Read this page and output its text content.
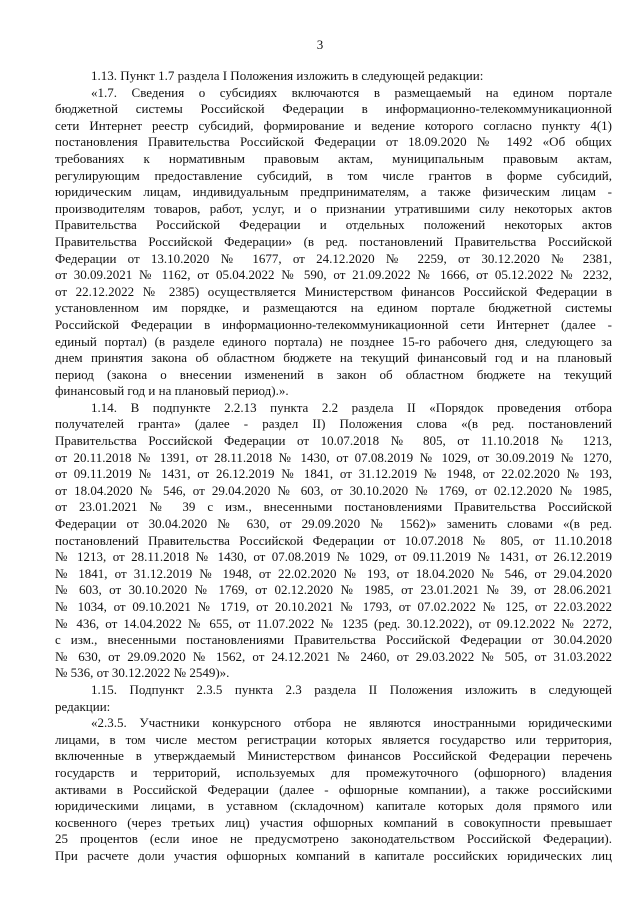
3
1.13. Пункт 1.7 раздела I Положения изложить в следующей редакции:
«1.7. Сведения о субсидиях включаются в размещаемый на едином портале
бюджетной системы Российской Федерации в информационно-телекоммуникационной
сети Интернет реестр субсидий, формирование и ведение которого согласно пункту 4(1)
постановления Правительства Российской Федерации от 18.09.2020 № 1492 «Об общих
требованиях к нормативным правовым актам, муниципальным правовым актам,
регулирующим предоставление субсидий, в том числе грантов в форме субсидий,
юридическим лицам, индивидуальным предпринимателям, а также физическим лицам -
производителям товаров, работ, услуг, и о признании утратившими силу некоторых актов
Правительства Российской Федерации и отдельных положений некоторых актов
Правительства Российской Федерации» (в ред. постановлений Правительства Российской
Федерации от 13.10.2020 № 1677, от 24.12.2020 № 2259, от 30.12.2020 № 2381,
от 30.09.2021 № 1162, от 05.04.2022 № 590, от 21.09.2022 № 1666, от 05.12.2022 № 2232,
от 22.12.2022 № 2385) осуществляется Министерством финансов Российской Федерации в
установленном им порядке, и размещаются на едином портале бюджетной системы
Российской Федерации в информационно-телекоммуникационной сети Интернет (далее -
единый портал) (в разделе единого портала) не позднее 15-го рабочего дня, следующего за
днем принятия закона об областном бюджете на текущий финансовый год и на плановый
период (закона о внесении изменений в закон об областном бюджете на текущий
финансовый год и на плановый период).».
1.14. В подпункте 2.2.13 пункта 2.2 раздела II «Порядок проведения отбора
получателей гранта» (далее - раздел II) Положения слова «(в ред. постановлений
Правительства Российской Федерации от 10.07.2018 № 805, от 11.10.2018 № 1213,
от 20.11.2018 № 1391, от 28.11.2018 № 1430, от 07.08.2019 № 1029, от 30.09.2019 № 1270,
от 09.11.2019 № 1431, от 26.12.2019 № 1841, от 31.12.2019 № 1948, от 22.02.2020 № 193,
от 18.04.2020 № 546, от 29.04.2020 № 603, от 30.10.2020 № 1769, от 02.12.2020 № 1985,
от 23.01.2021 № 39 с изм., внесенными постановлениями Правительства Российской
Федерации от 30.04.2020 № 630, от 29.09.2020 № 1562)» заменить словами «(в ред.
постановлений Правительства Российской Федерации от 10.07.2018 № 805, от 11.10.2018
№ 1213, от 28.11.2018 № 1430, от 07.08.2019 № 1029, от 09.11.2019 № 1431, от 26.12.2019
№ 1841, от 31.12.2019 № 1948, от 22.02.2020 № 193, от 18.04.2020 № 546, от 29.04.2020
№ 603, от 30.10.2020 № 1769, от 02.12.2020 № 1985, от 23.01.2021 № 39, от 28.06.2021
№ 1034, от 09.10.2021 № 1719, от 20.10.2021 № 1793, от 07.02.2022 № 125, от 22.03.2022
№ 436, от 14.04.2022 № 655, от 11.07.2022 № 1235 (ред. 30.12.2022), от 09.12.2022 № 2272,
с изм., внесенными постановлениями Правительства Российской Федерации от 30.04.2020
№ 630, от 29.09.2020 № 1562, от 24.12.2021 № 2460, от 29.03.2022 № 505, от 31.03.2022
№ 536, от 30.12.2022 № 2549)».
1.15. Подпункт 2.3.5 пункта 2.3 раздела II Положения изложить в следующей
редакции:
«2.3.5. Участники конкурсного отбора не являются иностранными юридическими
лицами, в том числе местом регистрации которых является государство или территория,
включенные в утверждаемый Министерством финансов Российской Федерации перечень
государств и территорий, используемых для промежуточного (офшорного) владения
активами в Российской Федерации (далее - офшорные компании), а также российскими
юридическими лицами, в уставном (складочном) капитале которых доля прямого или
косвенного (через третьих лиц) участия офшорных компаний в совокупности превышает
25 процентов (если иное не предусмотрено законодательством Российской Федерации).
При расчете доли участия офшорных компаний в капитале российских юридических лиц
